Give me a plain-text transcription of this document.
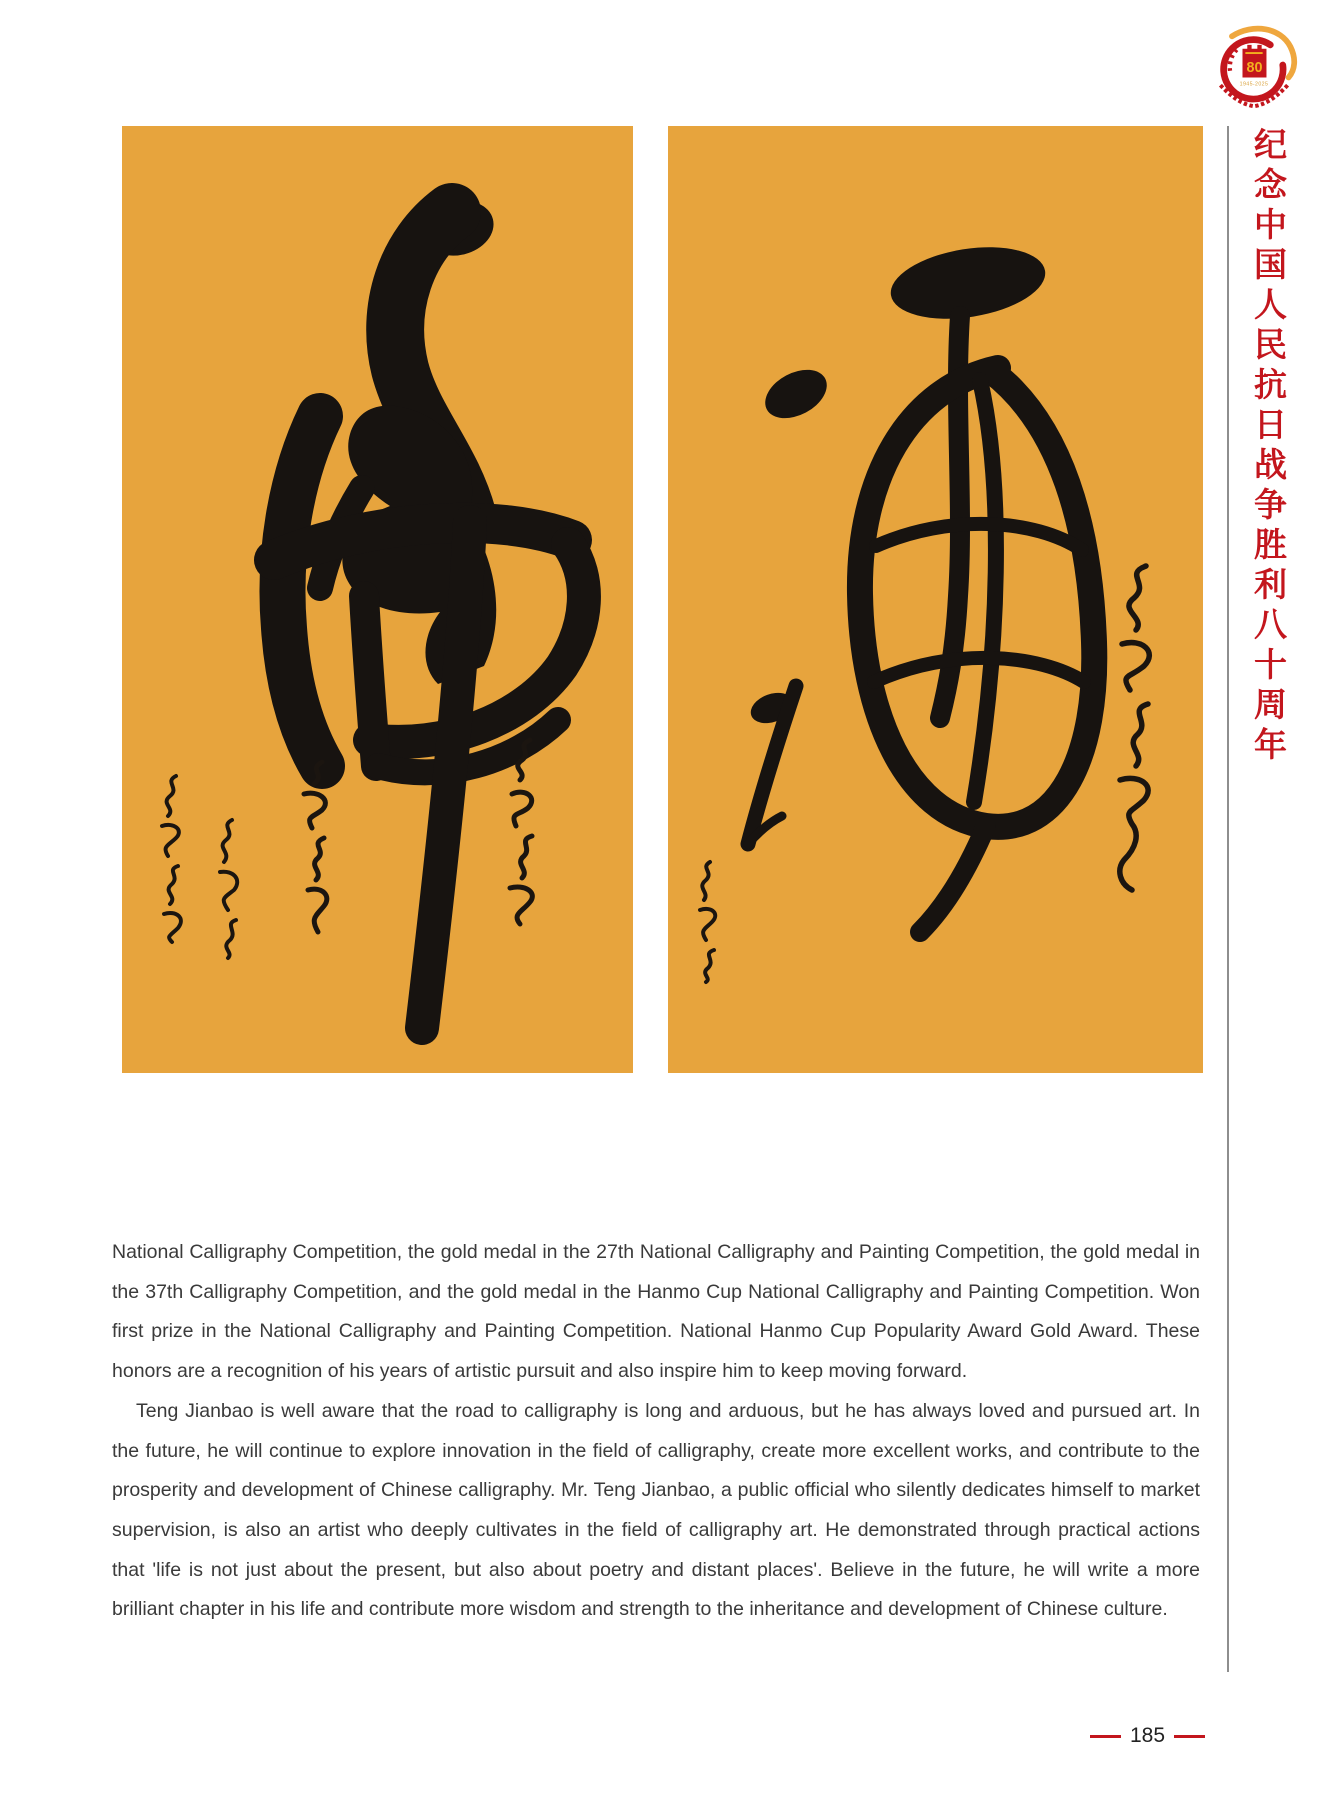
80
1945-2025
纪念中国人民抗日战争胜利八十周年

National Calligraphy Competition, the gold medal in the 27th National Calligraphy and Painting Competition, the gold medal in the 37th Calligraphy Competition, and the gold medal in the Hanmo Cup National Calligraphy and Painting Competition. Won first prize in the National Calligraphy and Painting Competition. National Hanmo Cup Popularity Award Gold Award. These honors are a recognition of his years of artistic pursuit and also inspire him to keep moving forward.

Teng Jianbao is well aware that the road to calligraphy is long and arduous, but he has always loved and pursued art. In the future, he will continue to explore innovation in the field of calligraphy, create more excellent works, and contribute to the prosperity and development of Chinese calligraphy. Mr. Teng Jianbao, a public official who silently dedicates himself to market supervision, is also an artist who deeply cultivates in the field of calligraphy art. He demonstrated through practical actions that 'life is not just about the present, but also about poetry and distant places'. Believe in the future, he will write a more brilliant chapter in his life and contribute more wisdom and strength to the inheritance and development of Chinese culture.

185
